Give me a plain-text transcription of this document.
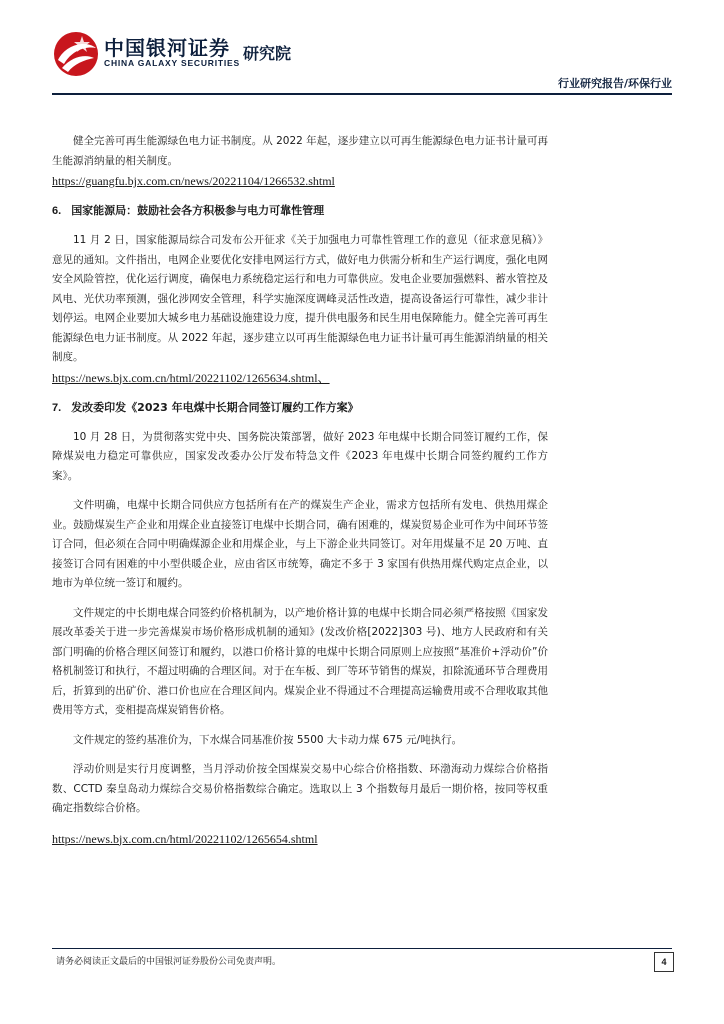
中国银河证券
CHINA GALAXY SECURITIES 研究院
行业研究报告/环保行业

健全完善可再生能源绿色电力证书制度。从 2022 年起，逐步建立以可再生能源绿色电力证书计量可再生能源消纳量的相关制度。

https://guangfu.bjx.com.cn/news/20221104/1266532.shtml
6. 国家能源局：鼓励社会各方积极参与电力可靠性管理

11 月 2 日，国家能源局综合司发布公开征求《关于加强电力可靠性管理工作的意见（征求意见稿）》意见的通知。文件指出，电网企业要优化安排电网运行方式，做好电力供需分析和生产运行调度，强化电网安全风险管控，优化运行调度，确保电力系统稳定运行和电力可靠供应。发电企业要加强燃料、蓄水管控及风电、光伏功率预测，强化涉网安全管理，科学实施深度调峰灵活性改造，提高设备运行可靠性，减少非计划停运。电网企业要加大城乡电力基础设施建设力度，提升供电服务和民生用电保障能力。健全完善可再生能源绿色电力证书制度。从 2022 年起，逐步建立以可再生能源绿色电力证书计量可再生能源消纳量的相关制度。

https://news.bjx.com.cn/html/20221102/1265634.shtml、
7. 发改委印发《2023 年电煤中长期合同签订履约工作方案》

10 月 28 日，为贯彻落实党中央、国务院决策部署，做好 2023 年电煤中长期合同签订履约工作，保障煤炭电力稳定可靠供应，国家发改委办公厅发布特急文件《2023 年电煤中长期合同签约履约工作方案》。

文件明确，电煤中长期合同供应方包括所有在产的煤炭生产企业，需求方包括所有发电、供热用煤企业。鼓励煤炭生产企业和用煤企业直接签订电煤中长期合同，确有困难的，煤炭贸易企业可作为中间环节签订合同，但必须在合同中明确煤源企业和用煤企业，与上下游企业共同签订。对年用煤量不足 20 万吨、直接签订合同有困难的中小型供暖企业，应由省区市统筹，确定不多于 3 家国有供热用煤代购定点企业，以地市为单位统一签订和履约。

文件规定的中长期电煤合同签约价格机制为，以产地价格计算的电煤中长期合同必须严格按照《国家发展改革委关于进一步完善煤炭市场价格形成机制的通知》(发改价格[2022]303 号)、地方人民政府和有关部门明确的价格合理区间签订和履约，以港口价格计算的电煤中长期合同原则上应按照“基准价+浮动价”价格机制签订和执行，不超过明确的合理区间。对于在车板、到厂等环节销售的煤炭，扣除流通环节合理费用后，折算到的出矿价、港口价也应在合理区间内。煤炭企业不得通过不合理提高运输费用或不合理收取其他费用等方式，变相提高煤炭销售价格。

文件规定的签约基准价为，下水煤合同基准价按 5500 大卡动力煤 675 元/吨执行。

浮动价则是实行月度调整，当月浮动价按全国煤炭交易中心综合价格指数、环渤海动力煤综合价格指数、CCTD 秦皇岛动力煤综合交易价格指数综合确定。选取以上 3 个指数每月最后一期价格，按同等权重确定指数综合价格。

https://news.bjx.com.cn/html/20221102/1265654.shtml
请务必阅读正文最后的中国银河证券股份公司免责声明。	4
